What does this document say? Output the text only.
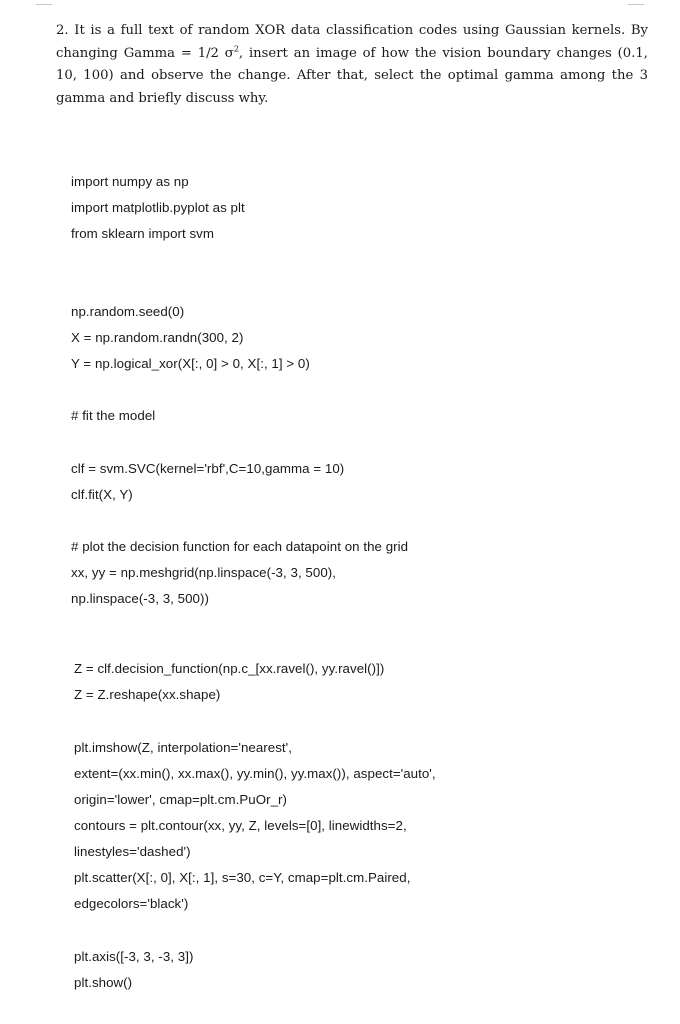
2. It is a full text of random XOR data classification codes using Gaussian kernels. By changing Gamma = 1/2 $\sigma^2$, insert an image of how the vision boundary changes (0.1, 10, 100) and observe the change. After that, select the optimal gamma among the 3 gamma and briefly discuss why.
import numpy as np
import matplotlib.pyplot as plt
from sklearn import svm
np.random.seed(0)
X = np.random.randn(300, 2)
Y = np.logical_xor(X[:, 0] > 0, X[:, 1] > 0)
# fit the model
clf = svm.SVC(kernel='rbf',C=10,gamma = 10)
clf.fit(X, Y)
# plot the decision function for each datapoint on the grid
xx, yy = np.meshgrid(np.linspace(-3, 3, 500),
np.linspace(-3, 3, 500))
Z = clf.decision_function(np.c_[xx.ravel(), yy.ravel()])
Z = Z.reshape(xx.shape)
plt.imshow(Z, interpolation='nearest',
extent=(xx.min(), xx.max(), yy.min(), yy.max()), aspect='auto',
origin='lower', cmap=plt.cm.PuOr_r)
contours = plt.contour(xx, yy, Z, levels=[0], linewidths=2,
linestyles='dashed')
plt.scatter(X[:, 0], X[:, 1], s=30, c=Y, cmap=plt.cm.Paired,
edgecolors='black')
plt.axis([-3, 3, -3, 3])
plt.show()
